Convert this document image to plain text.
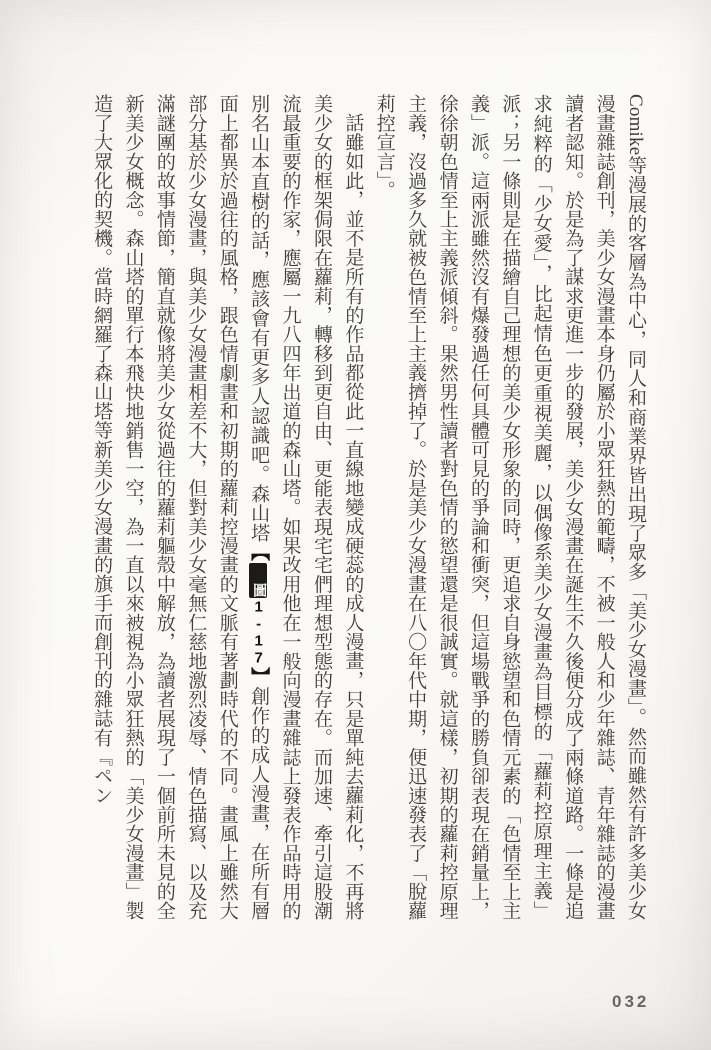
Comike等漫展的客層為中心，同人和商業界皆出現了眾多「美少女漫畫」。然而雖然有許多美少女漫畫雜誌創刊，美少女漫畫本身仍屬於小眾狂熱的範疇，不被一般人和少年雜誌、青年雜誌的漫畫讀者認知。於是為了謀求更進一步的發展，美少女漫畫在誕生不久後便分成了兩條道路。一條是追求純粹的「少女愛」，比起情色更重視美麗，以偶像系美少女漫畫為目標的「蘿莉控原理主義」派；另一條則是在描繪自己理想的美少女形象的同時，更追求自身慾望和色情元素的「色情至上主義」派。這兩派雖然沒有爆發過任何具體可見的爭論和衝突，但這場戰爭的勝負卻表現在銷量上，徐徐朝色情至上主義派傾斜。果然男性讀者對色情的慾望還是很誠實。就這樣，初期的蘿莉控原理主義，沒過多久就被色情至上主義擠掉了。於是美少女漫畫在八〇年代中期，便迅速發表了「脫蘿莉控宣言」。

話雖如此，並不是所有的作品都從此一直線地變成硬蕊的成人漫畫，只是單純去蘿莉化，不再將美少女的框架侷限在蘿莉，轉移到更自由、更能表現宅宅們理想型態的存在。而加速、牽引這股潮流最重要的作家，應屬一九八四年出道的森山塔。如果改用他在一般向漫畫雜誌上發表作品時用的別名山本直樹的話，應該會有更多人認識吧。森山塔【圖1-17】創作的成人漫畫，在所有層面上都異於過往的風格，跟色情劇畫和初期的蘿莉控漫畫的文脈有著劃時代的不同。畫風上雖然大部分基於少女漫畫，與美少女漫畫相差不大，但對美少女毫無仁慈地激烈凌辱、情色描寫、以及充滿謎團的故事情節，簡直就像將美少女從過往的蘿莉軀殼中解放，為讀者展現了一個前所未見的全新美少女概念。森山塔的單行本飛快地銷售一空，為一直以來被視為小眾狂熱的「美少女漫畫」製造了大眾化的契機。當時網羅了森山塔等新美少女漫畫的旗手而創刊的雜誌有『ペン

032
